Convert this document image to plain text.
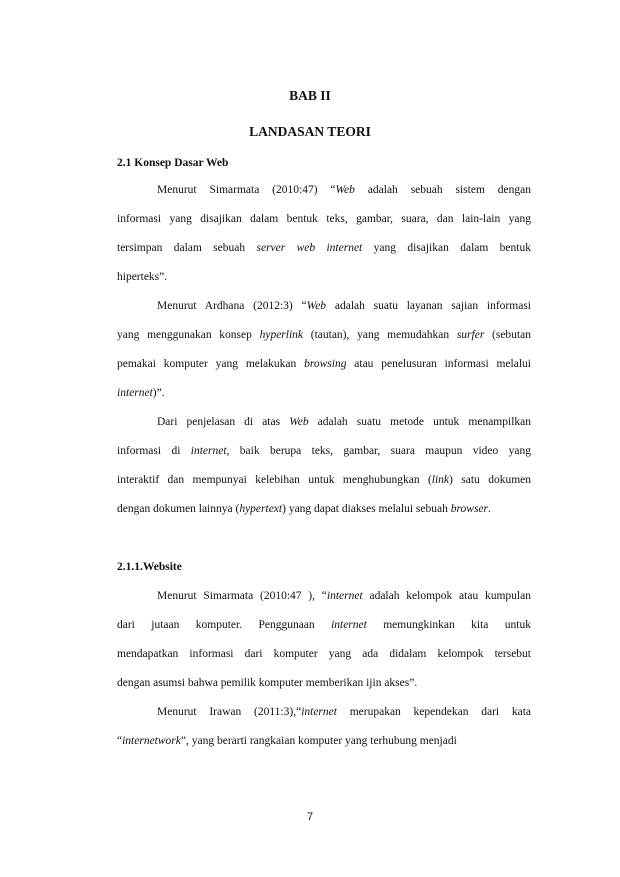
BAB II
LANDASAN TEORI
2.1 Konsep Dasar Web
Menurut Simarmata (2010:47) “Web adalah sebuah sistem dengan
informasi yang disajikan dalam bentuk teks, gambar, suara, dan lain-lain yang
tersimpan dalam sebuah server web internet yang disajikan dalam bentuk
hiperteks”.
Menurut Ardhana (2012:3) “Web adalah suatu layanan sajian informasi
yang menggunakan konsep hyperlink (tautan), yang memudahkan surfer (sebutan
pemakai komputer yang melakukan browsing atau penelusuran informasi melalui
internet)”.
Dari penjelasan di atas Web adalah suatu metode untuk menampilkan
informasi di internet, baik berupa teks, gambar, suara maupun video yang
interaktif dan mempunyai kelebihan untuk menghubungkan (link) satu dokumen
dengan dokumen lainnya (hypertext) yang dapat diakses melalui sebuah browser.
2.1.1.Website
Menurut Simarmata (2010:47 ), “internet adalah kelompok atau kumpulan
dari jutaan komputer. Penggunaan internet memungkinkan kita untuk
mendapatkan informasi dari komputer yang ada didalam kelompok tersebut
dengan asumsi bahwa pemilik komputer memberikan ijin akses”.
Menurut Irawan (2011:3),“internet merupakan kependekan dari kata
“internetwork”, yang berarti rangkaian komputer yang terhubung menjadi
7
